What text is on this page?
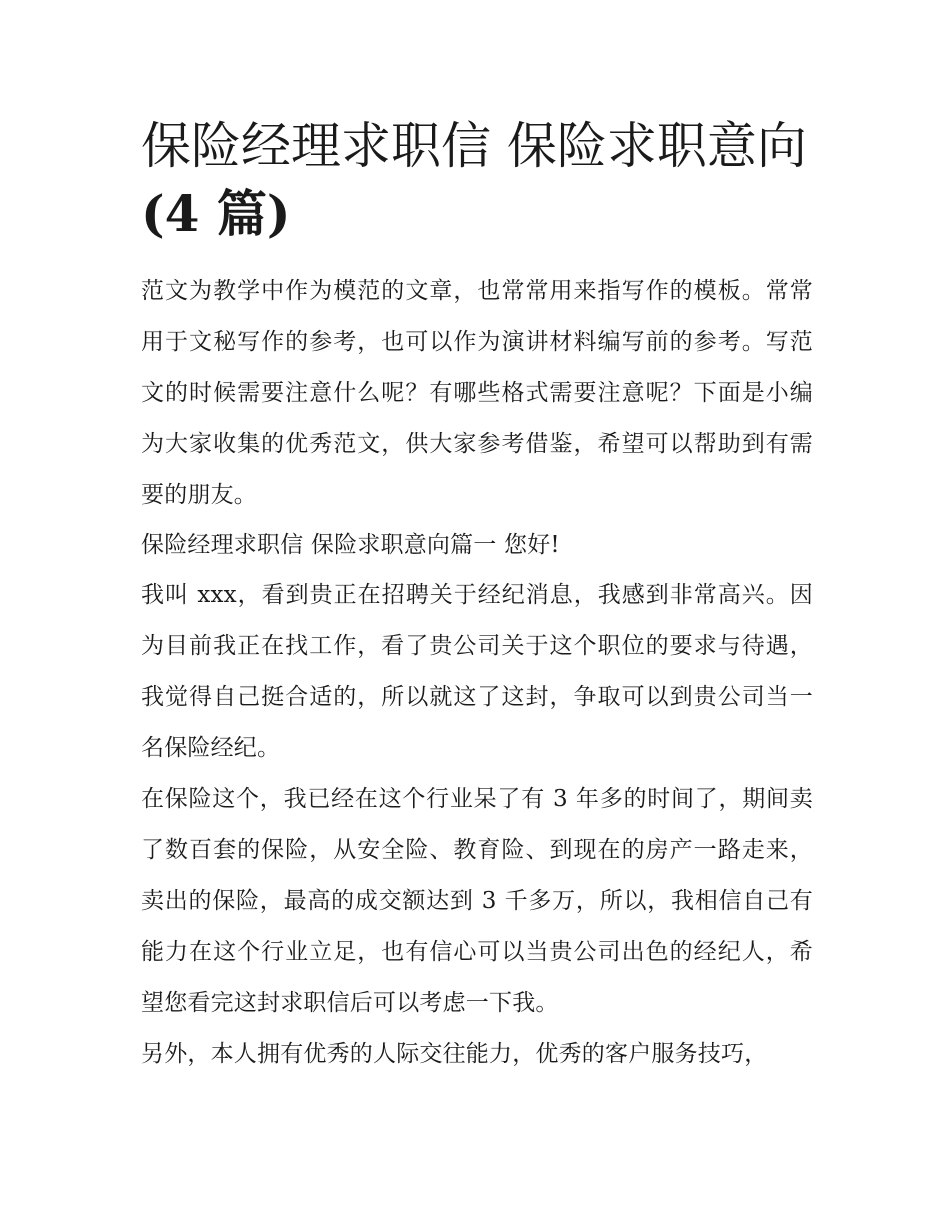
保险经理求职信 保险求职意向
(4 篇)

范文为教学中作为模范的文章，也常常用来指写作的模板。常常用于文秘写作的参考，也可以作为演讲材料编写前的参考。写范文的时候需要注意什么呢？有哪些格式需要注意呢？下面是小编为大家收集的优秀范文，供大家参考借鉴，希望可以帮助到有需要的朋友。

保险经理求职信 保险求职意向篇一 您好!

我叫 xxx，看到贵正在招聘关于经纪消息，我感到非常高兴。因为目前我正在找工作，看了贵公司关于这个职位的要求与待遇，我觉得自己挺合适的，所以就这了这封，争取可以到贵公司当一名保险经纪。

在保险这个，我已经在这个行业呆了有 3 年多的时间了，期间卖了数百套的保险，从安全险、教育险、到现在的房产一路走来，卖出的保险，最高的成交额达到 3 千多万，所以，我相信自己有能力在这个行业立足，也有信心可以当贵公司出色的经纪人，希望您看完这封求职信后可以考虑一下我。

另外，本人拥有优秀的人际交往能力，优秀的客户服务技巧，
